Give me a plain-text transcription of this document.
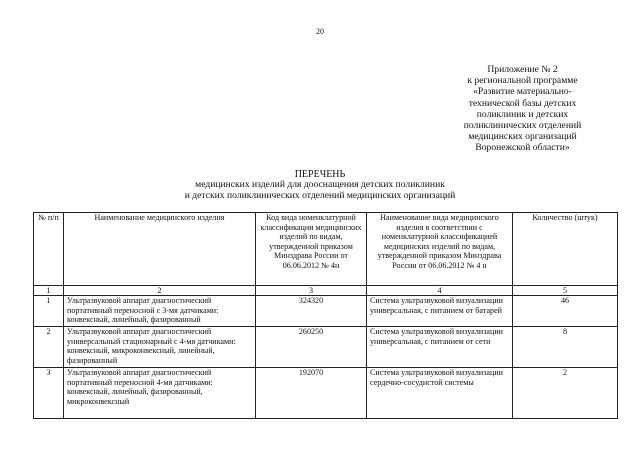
20
Приложение № 2
к региональной программе
«Развитие материально-
технической базы детских
поликлиник и детских
поликлинических отделений
медицинских организаций
Воронежской области»
ПЕРЕЧЕНЬ
медицинских изделий для дооснащения детских поликлиник
и детских поликлинических отделений медицинских организаций
№ п/п	Наименование медицинского изделия	Код вида номенклатурной классификации медицинских изделий по видам, утвержденной приказом Минздрава России от 06.06.2012 № 4н	Наименование вида медицинского изделия в соответствии с номенклатурной классификацией медицинских изделий по видам, утвержденной приказом Минздрава России от 06.06.2012 № 4 н	Количество (штук)
1	2	3	4	5
1	Ультразвуковой аппарат диагностический портативный переносной с 3-мя датчиками: конвексный, линейный, фазированный	324320	Система ультразвуковой визуализации универсальная, с питанием от батарей	46
2	Ультразвуковой аппарат диагностический универсальный стационарный с 4-мя датчиками: конвексный, микроконвексный, линейный, фазированный	260250	Система ультразвуковой визуализации универсальная, с питанием от сети	8
3	Ультразвуковой аппарат диагностический портативный переносной 4-мя датчиками: конвексный, линейный, фазированный, микроконвексный	192070	Система ультразвуковой визуализации сердечно-сосудистой системы	2
